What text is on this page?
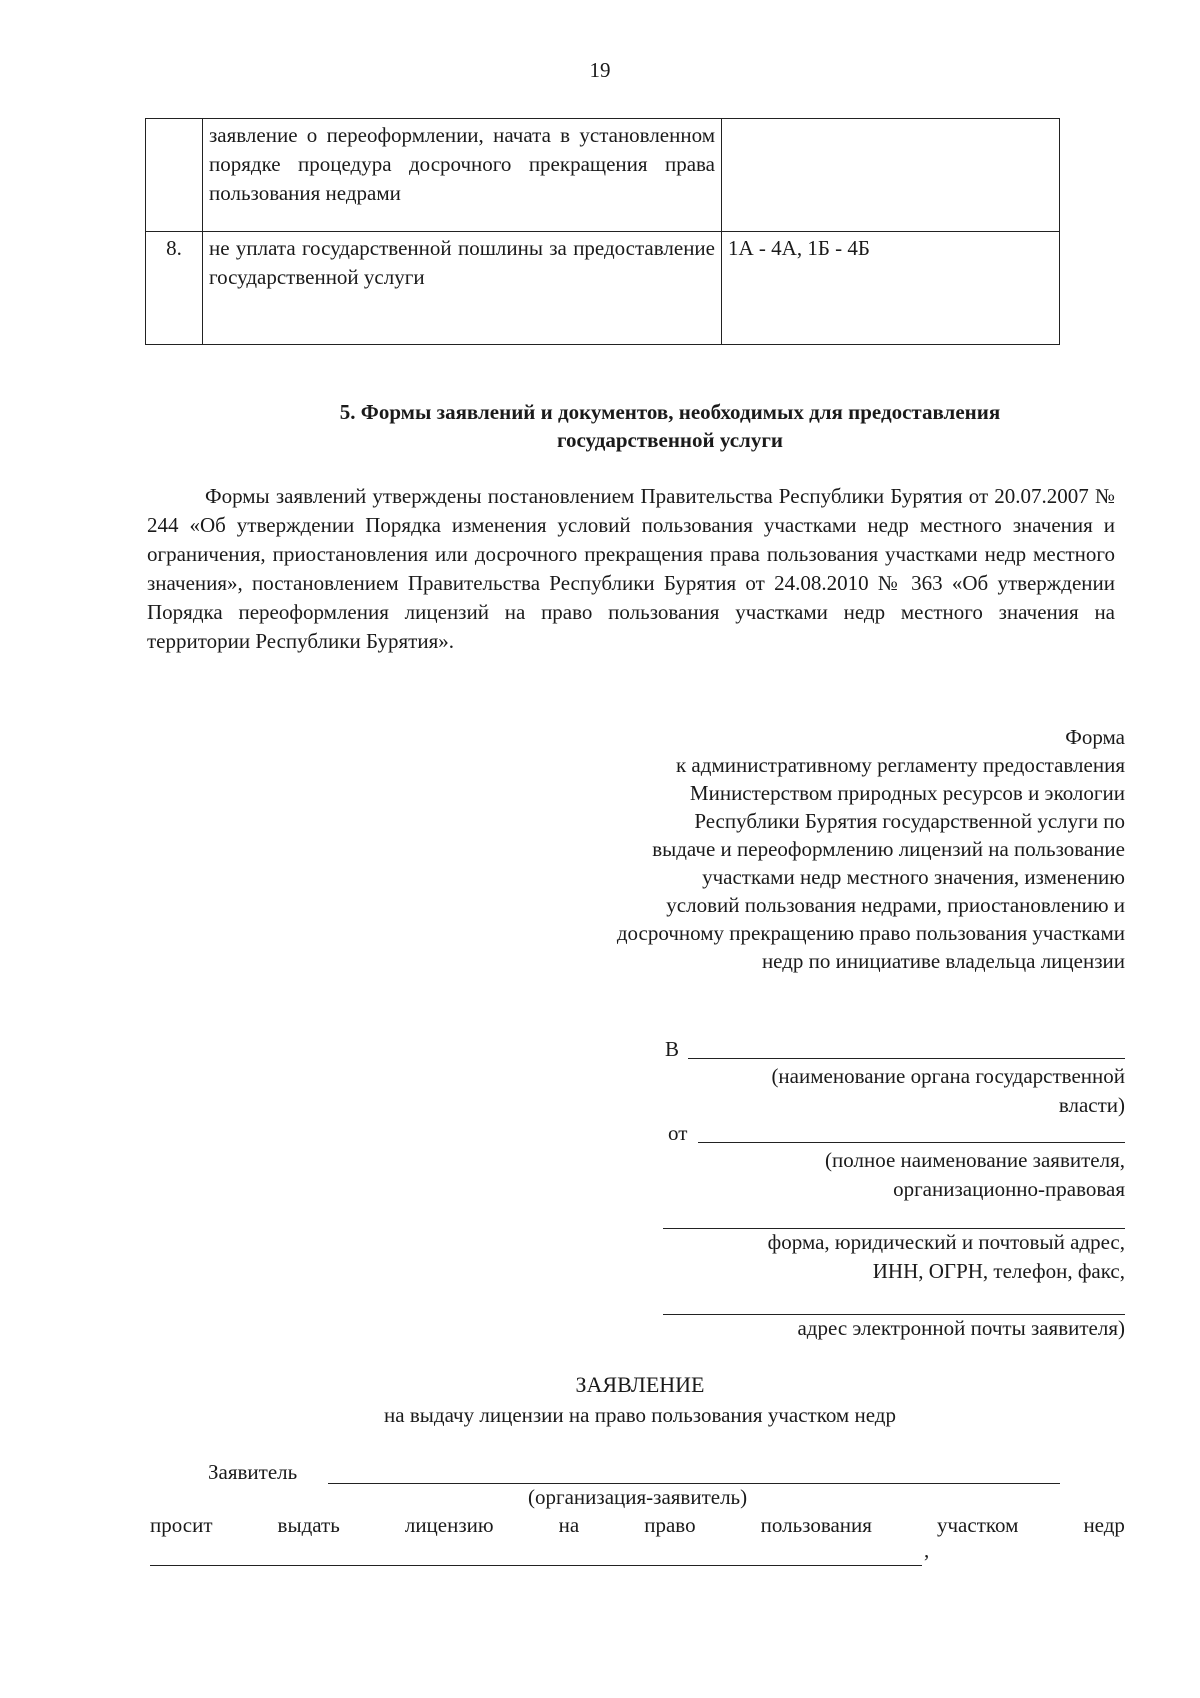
19
	заявление о переоформлении, начата в установленном порядке процедура досрочного прекращения права пользования недрами	
8.	не уплата государственной пошлины за предоставление государственной услуги	1А - 4А, 1Б - 4Б
5. Формы заявлений и документов, необходимых для предоставления
государственной услуги
Формы заявлений утверждены постановлением Правительства Республики Бурятия от 20.07.2007 № 244 «Об утверждении Порядка изменения условий пользования участками недр местного значения и ограничения, приостановления или досрочного прекращения права пользования участками недр местного значения», постановлением Правительства Республики Бурятия от 24.08.2010 № 363 «Об утверждении Порядка переоформления лицензий на право пользования участками недр местного значения на территории Республики Бурятия».
Форма
к административному регламенту предоставления
Министерством природных ресурсов и экологии
Республики Бурятия государственной услуги по
выдаче и переоформлению лицензий на пользование
участками недр местного значения, изменению
условий пользования недрами, приостановлению и
досрочному прекращению право пользования участками
недр по инициативе владельца лицензии
В
(наименование органа государственной
власти)
от
(полное наименование заявителя,
организационно-правовая
форма, юридический и почтовый адрес,
ИНН, ОГРН, телефон, факс,
адрес электронной почты заявителя)
ЗАЯВЛЕНИЕ
на выдачу лицензии на право пользования участком недр
Заявитель
(организация-заявитель)
просит	выдать	лицензию	на	право	пользования	участком	недр
,
